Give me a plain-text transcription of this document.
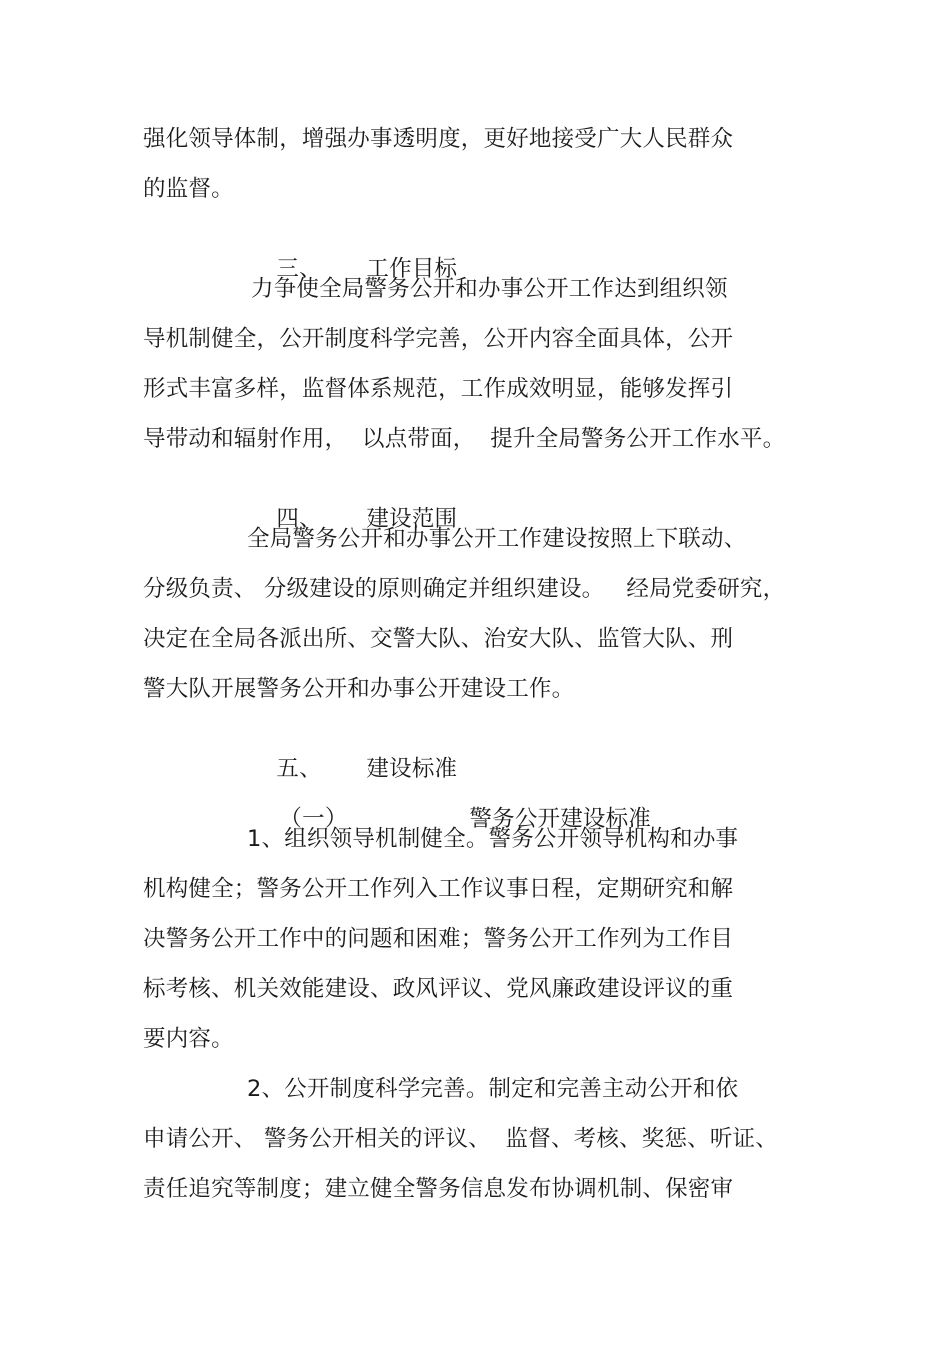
强化领导体制，增强办事透明度，更好地接受广大人民群众
的监督。

三、 工作目标

力争使全局警务公开和办事公开工作达到组织领
导机制健全，公开制度科学完善，公开内容全面具体，公开
形式丰富多样，监督体系规范，工作成效明显，能够发挥引
导带动和辐射作用，  以点带面，  提升全局警务公开工作水平。

四、 建设范围

全局警务公开和办事公开工作建设按照上下联动、
分级负责、 分级建设的原则确定并组织建设。   经局党委研究，
决定在全局各派出所、交警大队、治安大队、监管大队、刑
警大队开展警务公开和办事公开建设工作。

五、 建设标准

（一）	警务公开建设标准

1、组织领导机制健全。警务公开领导机构和办事
机构健全；警务公开工作列入工作议事日程，定期研究和解
决警务公开工作中的问题和困难；警务公开工作列为工作目
标考核、机关效能建设、政风评议、党风廉政建设评议的重
要内容。
2、公开制度科学完善。制定和完善主动公开和依
申请公开、 警务公开相关的评议、  监督、考核、奖惩、听证、
责任追究等制度；建立健全警务信息发布协调机制、保密审
